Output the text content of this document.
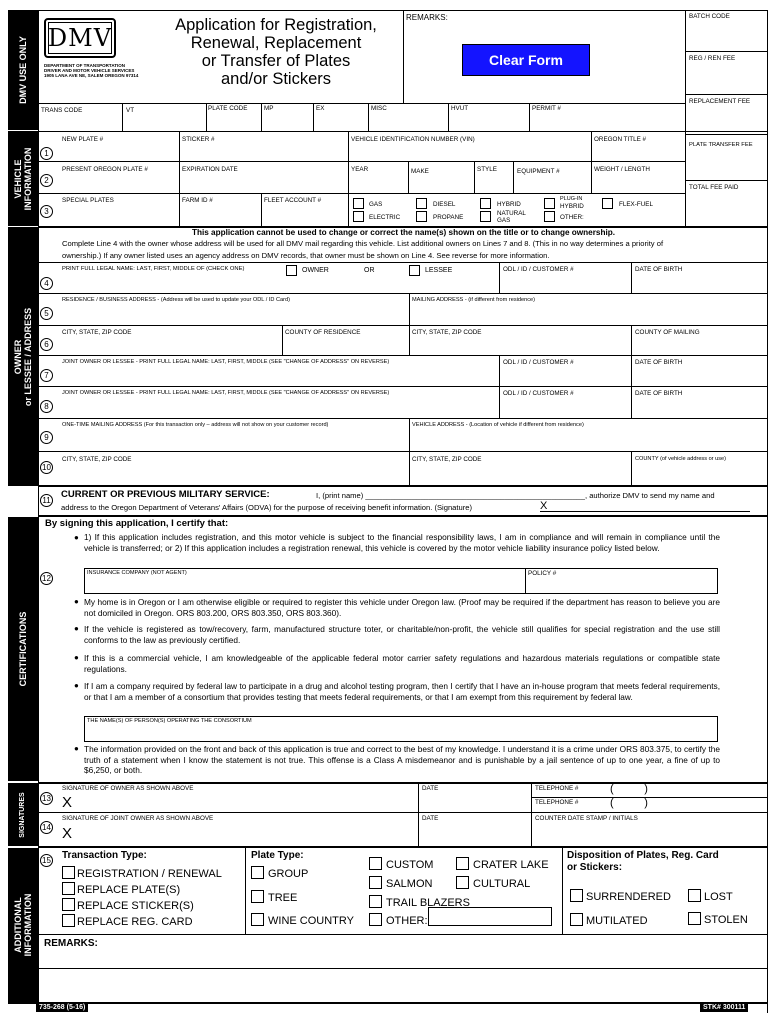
DMV USE ONLY
VEHICLE INFORMATION
OWNER or LESSEE / ADDRESS
CERTIFICATIONS
SIGNATURES
ADDITIONAL INFORMATION
DMV
DEPARTMENT OF TRANSPORTATION
DRIVER AND MOTOR VEHICLE SERVICES
1905 LANA AVE NE, SALEM OREGON 97314
Application for Registration,
Renewal, Replacement
or Transfer of Plates
and/or Stickers
REMARKS:
Clear Form
TRANS CODE	VT	PLATE CODE	MP	EX	MISC	HVUT	PERMIT #
BATCH CODE
REG / REN FEE
REPLACEMENT FEE
PLATE TRANSFER FEE
TOTAL FEE PAID
1
2
3
NEW PLATE #	STICKER #	VEHICLE IDENTIFICATION NUMBER (VIN)	OREGON TITLE #
PRESENT OREGON PLATE #	EXPIRATION DATE	YEAR	MAKE	STYLE	EQUIPMENT #	WEIGHT / LENGTH
SPECIAL PLATES	FARM ID #	FLEET ACCOUNT #
GAS
ELECTRIC
DIESEL
PROPANE
HYBRID
NATURAL
GAS
PLUG-IN
HYBRID
OTHER:
FLEX-FUEL
This application cannot be used to change or correct the name(s) shown on the title or to change ownership.
Complete Line 4 with the owner whose address will be used for all DMV mail regarding this vehicle. List additional owners on Lines 7 and 8. (This in no way determines a priority of
ownership.) If any owner listed uses an agency address on DMV records, that owner must be shown on Line 4. See reverse for more information.
4
5
6
7
8
9
10
PRINT FULL LEGAL NAME: LAST, FIRST, MIDDLE OF (CHECK ONE)	OWNER	OR	LESSEE	ODL / ID / CUSTOMER #	DATE OF BIRTH
RESIDENCE / BUSINESS ADDRESS - (Address will be used to update your ODL / ID Card)	MAILING ADDRESS - (if different from residence)
CITY, STATE, ZIP CODE	COUNTY OF RESIDENCE	CITY, STATE, ZIP CODE	COUNTY OF MAILING
JOINT OWNER OR LESSEE - PRINT FULL LEGAL NAME: LAST, FIRST, MIDDLE (SEE "CHANGE OF ADDRESS" ON REVERSE)	ODL / ID / CUSTOMER #	DATE OF BIRTH
JOINT OWNER OR LESSEE - PRINT FULL LEGAL NAME: LAST, FIRST, MIDDLE (SEE "CHANGE OF ADDRESS" ON REVERSE)	ODL / ID / CUSTOMER #	DATE OF BIRTH
ONE-TIME MAILING ADDRESS (For this transaction only – address will not show on your customer record)	VEHICLE ADDRESS - (Location of vehicle if different from residence)
CITY, STATE, ZIP CODE	CITY, STATE, ZIP CODE	COUNTY (of vehicle address or use)
11
CURRENT OR PREVIOUS MILITARY SERVICE:	I, (print name) ____________________________________________________, authorize DMV to send my name and
address to the Oregon Department of Veterans' Affairs (ODVA) for the purpose of receiving benefit information. (Signature)	X
By signing this application, I certify that:
12
● 1) If this application includes registration, and this motor vehicle is subject to the financial responsibility laws, I am in compliance and will remain in compliance until the vehicle is transferred; or 2) If this application includes a registration renewal, this vehicle is covered by the motor vehicle liability insurance policy listed below.
INSURANCE COMPANY (NOT AGENT)	POLICY #
● My home is in Oregon or I am otherwise eligible or required to register this vehicle under Oregon law. (Proof may be required if the department has reason to believe you are not domiciled in Oregon. ORS 803.200, ORS 803.350, ORS 803.360).
● If the vehicle is registered as tow/recovery, farm, manufactured structure toter, or charitable/non-profit, the vehicle still qualifies for special registration and the use still conforms to the law as previously certified.
● If this is a commercial vehicle, I am knowledgeable of the applicable federal motor carrier safety regulations and hazardous materials regulations or compatible state regulations.
● If I am a company required by federal law to participate in a drug and alcohol testing program, then I certify that I have an in-house program that meets federal requirements, or that I am a member of a consortium that provides testing that meets federal requirements, or that I am exempt from this requirement by federal law.
THE NAME(S) OF PERSON(S) OPERATING THE CONSORTIUM
● The information provided on the front and back of this application is true and correct to the best of my knowledge. I understand it is a crime under ORS 803.375, to certify the truth of a statement when I know the statement is not true. This offense is a Class A misdemeanor and is punishable by a jail sentence of up to one year, a fine of up to $6,250, or both.
13
14
SIGNATURE OF OWNER AS SHOWN ABOVE
X
DATE	TELEPHONE #	(          )
TELEPHONE #	(          )
SIGNATURE OF JOINT OWNER AS SHOWN ABOVE
X
DATE	COUNTER DATE STAMP / INITIALS
15 Transaction Type:
REGISTRATION / RENEWAL
REPLACE PLATE(S)
REPLACE STICKER(S)
REPLACE REG. CARD
Plate Type:
GROUP
TREE
WINE COUNTRY
CUSTOM
SALMON
TRAIL BLAZERS
OTHER:
CRATER LAKE
CULTURAL
Disposition of Plates, Reg. Card
or Stickers:
SURRENDERED	LOST
MUTILATED	STOLEN
REMARKS:
735-268 (5-16)	STK# 300111
